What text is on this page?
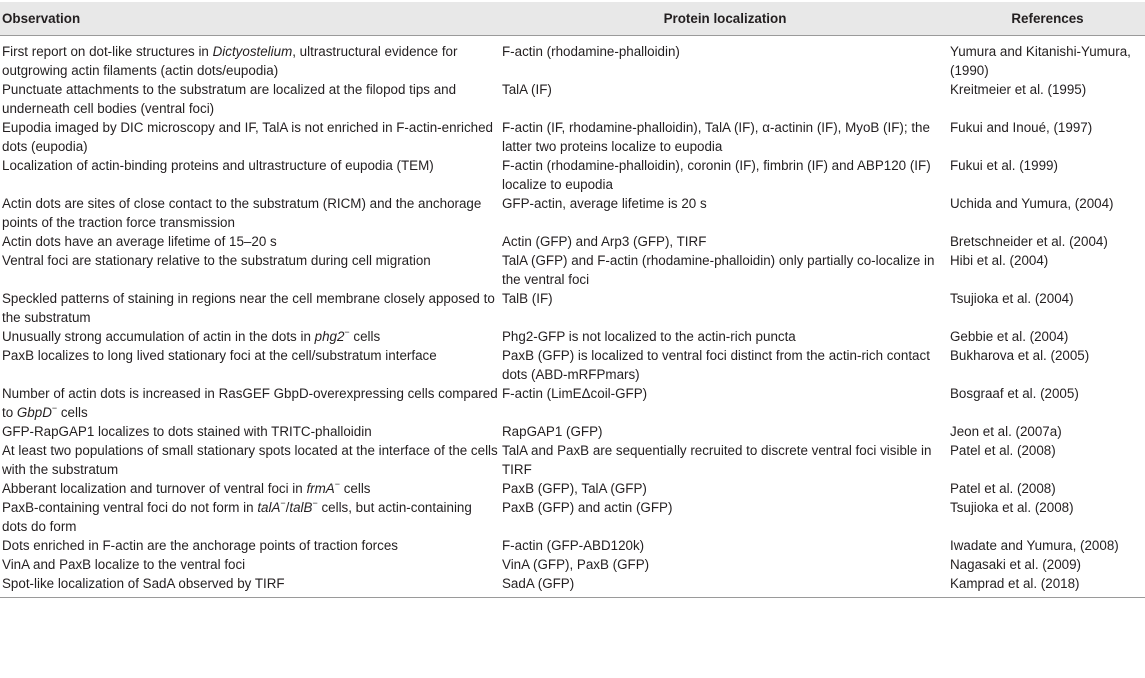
Observation	Protein localization	References
First report on dot-like structures in Dictyostelium, ultrastructural evidence for outgrowing actin filaments (actin dots/eupodia)	F-actin (rhodamine-phalloidin)	Yumura and Kitanishi-Yumura, (1990)
Punctuate attachments to the substratum are localized at the filopod tips and underneath cell bodies (ventral foci)	TalA (IF)	Kreitmeier et al. (1995)
Eupodia imaged by DIC microscopy and IF, TalA is not enriched in F-actin-enriched dots (eupodia)	F-actin (IF, rhodamine-phalloidin), TalA (IF), α-actinin (IF), MyoB (IF); the latter two proteins localize to eupodia	Fukui and Inoué, (1997)
Localization of actin-binding proteins and ultrastructure of eupodia (TEM)	F-actin (rhodamine-phalloidin), coronin (IF), fimbrin (IF) and ABP120 (IF) localize to eupodia	Fukui et al. (1999)
Actin dots are sites of close contact to the substratum (RICM) and the anchorage points of the traction force transmission	GFP-actin, average lifetime is 20 s	Uchida and Yumura, (2004)
Actin dots have an average lifetime of 15–20 s	Actin (GFP) and Arp3 (GFP), TIRF	Bretschneider et al. (2004)
Ventral foci are stationary relative to the substratum during cell migration	TalA (GFP) and F-actin (rhodamine-phalloidin) only partially co-localize in the ventral foci	Hibi et al. (2004)
Speckled patterns of staining in regions near the cell membrane closely apposed to the substratum	TalB (IF)	Tsujioka et al. (2004)
Unusually strong accumulation of actin in the dots in phg2− cells	Phg2-GFP is not localized to the actin-rich puncta	Gebbie et al. (2004)
PaxB localizes to long lived stationary foci at the cell/substratum interface	PaxB (GFP) is localized to ventral foci distinct from the actin-rich contact dots (ABD-mRFPmars)	Bukharova et al. (2005)
Number of actin dots is increased in RasGEF GbpD-overexpressing cells compared to GbpD− cells	F-actin (LimEΔcoil-GFP)	Bosgraaf et al. (2005)
GFP-RapGAP1 localizes to dots stained with TRITC-phalloidin	RapGAP1 (GFP)	Jeon et al. (2007a)
At least two populations of small stationary spots located at the interface of the cells with the substratum	TalA and PaxB are sequentially recruited to discrete ventral foci visible in TIRF	Patel et al. (2008)
Abberant localization and turnover of ventral foci in frmA− cells	PaxB (GFP), TalA (GFP)	Patel et al. (2008)
PaxB-containing ventral foci do not form in talA−/talB− cells, but actin-containing dots do form	PaxB (GFP) and actin (GFP)	Tsujioka et al. (2008)
Dots enriched in F-actin are the anchorage points of traction forces	F-actin (GFP-ABD120k)	Iwadate and Yumura, (2008)
VinA and PaxB localize to the ventral foci	VinA (GFP), PaxB (GFP)	Nagasaki et al. (2009)
Spot-like localization of SadA observed by TIRF	SadA (GFP)	Kamprad et al. (2018)
